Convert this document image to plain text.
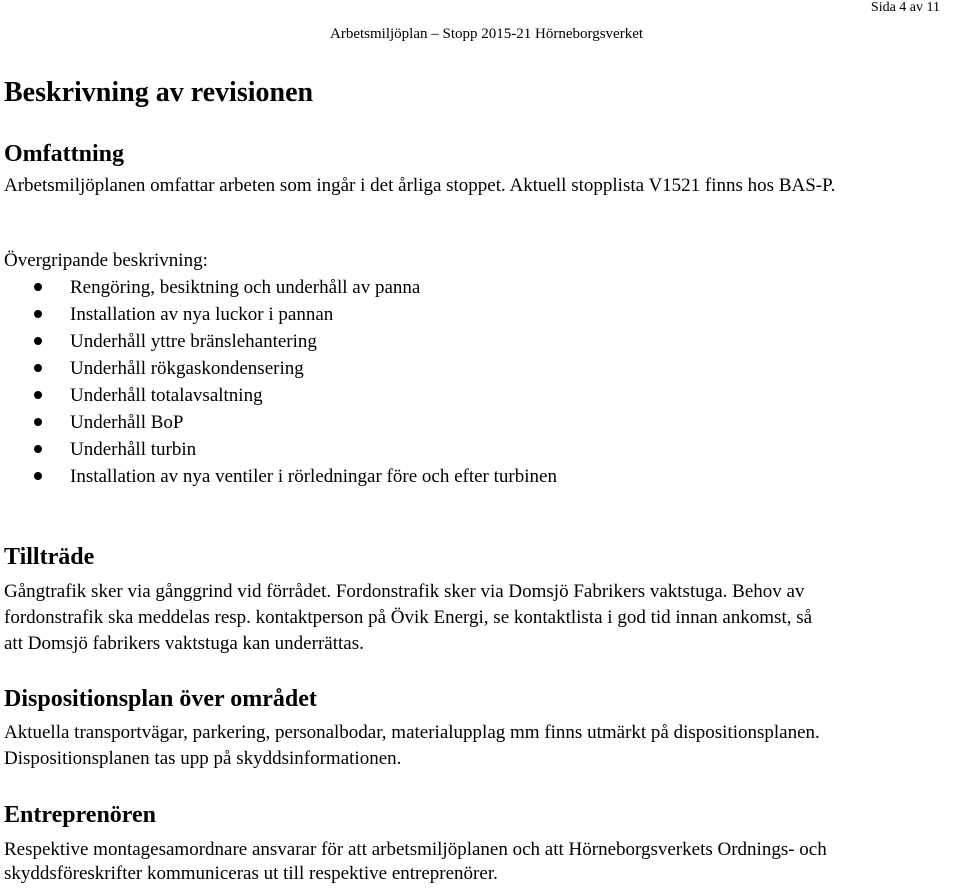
Sida 4 av 11
Arbetsmiljöplan – Stopp 2015-21 Hörneborgsverket
Beskrivning av revisionen
Omfattning
Arbetsmiljöplanen omfattar arbeten som ingår i det årliga stoppet. Aktuell stopplista V1521 finns hos BAS-P.
Övergripande beskrivning:
Rengöring, besiktning och underhåll av panna
Installation av nya luckor i pannan
Underhåll yttre bränslehantering
Underhåll rökgaskondensering
Underhåll totalavsaltning
Underhåll BoP
Underhåll turbin
Installation av nya ventiler i rörledningar före och efter turbinen
Tillträde
Gångtrafik sker via gånggrind vid förrådet. Fordonstrafik sker via Domsjö Fabrikers vaktstuga. Behov av
fordonstrafik ska meddelas resp. kontaktperson på Övik Energi, se kontaktlista i god tid innan ankomst, så
att Domsjö fabrikers vaktstuga kan underrättas.
Dispositionsplan över området
Aktuella transportvägar, parkering, personalbodar, materialupplag mm finns utmärkt på dispositionsplanen.
Dispositionsplanen tas upp på skyddsinformationen.
Entreprenören
Respektive montagesamordnare ansvarar för att arbetsmiljöplanen och att Hörneborgsverkets Ordnings- och
skyddsföreskrifter kommuniceras ut till respektive entreprenörer.
